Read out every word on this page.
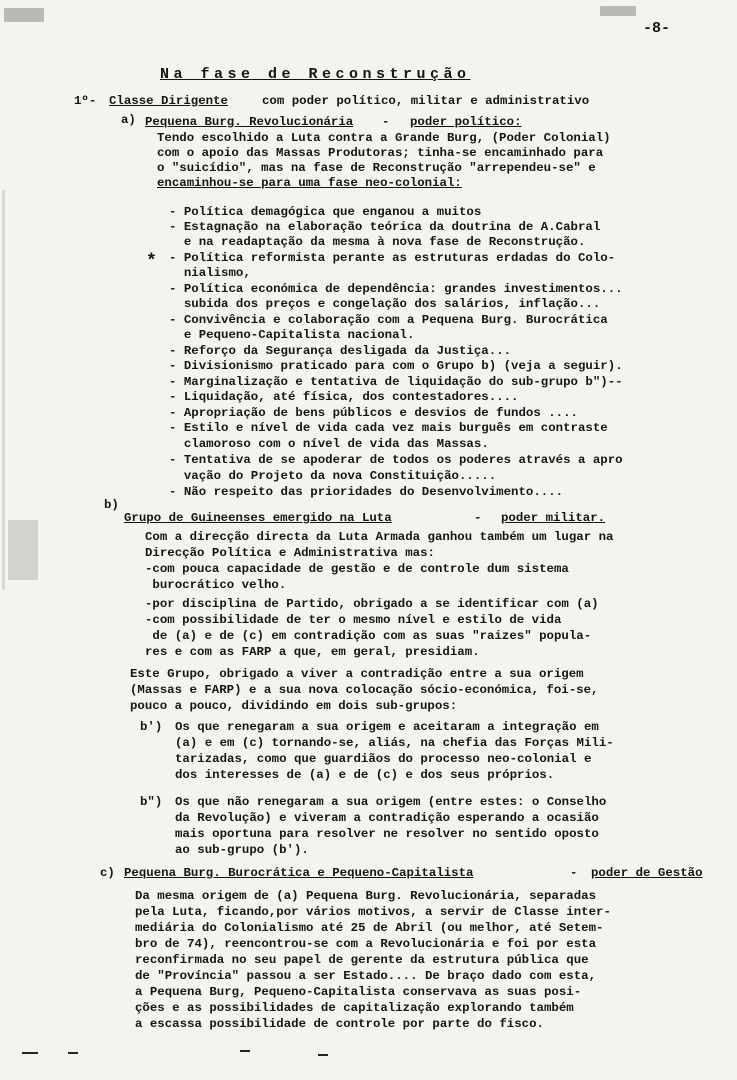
-8-
Na fase de Reconstrução
1º- Classe Dirigente	com poder político, militar e administrativo
a) Pequena Burg. Revolucionária - poder político:
Tendo escolhido a Luta contra a Grande Burg, (Poder Colonial)
com o apoio das Massas Produtoras; tinha-se encaminhado para
o "suicídio", mas na fase de Reconstrução "arrependeu-se" e
encaminhou-se para uma fase neo-colonial:
*
- Política demagógica que enganou a muitos
- Estagnação na elaboração teórica da doutrina de A.Cabral
e na readaptação da mesma à nova fase de Reconstrução.
- Política reformista perante as estruturas erdadas do Colo-
nialismo,
- Política económica de dependência: grandes investimentos...
subida dos preços e congelação dos salários, inflação...
- Convivência e colaboração com a Pequena Burg. Burocrática
e Pequeno-Capitalista nacional.
- Reforço da Segurança desligada da Justiça...
- Divisionismo praticado para com o Grupo b) (veja a seguir).
- Marginalização e tentativa de liquidação do sub-grupo b")--
- Liquidação, até física, dos contestadores....
- Apropriação de bens públicos e desvios de fundos ....
- Estilo e nível de vida cada vez mais burguês em contraste
clamoroso com o nível de vida das Massas.
- Tentativa de se apoderar de todos os poderes através a apro
vação do Projeto da nova Constituição.....
- Não respeito das prioridades do Desenvolvimento....
b)
Grupo de Guineenses emergido na Luta	- poder militar.
Com a direcção directa da Luta Armada ganhou também um lugar na
Direcção Política e Administrativa mas:
-com pouca capacidade de gestão e de controle dum sistema
burocrático velho.
-por disciplina de Partido, obrigado a se identificar com (a)
-com possibilidade de ter o mesmo nível e estilo de vida
de (a) e de (c) em contradição com as suas "raizes" popula-
res e com as FARP a que, em geral, presidiam.
Este Grupo, obrigado a viver a contradição entre a sua origem
(Massas e FARP) e a sua nova colocação sócio-económica, foi-se,
pouco a pouco, dividindo em dois sub-grupos:
b') Os que renegaram a sua origem e aceitaram a integração em
(a) e em (c) tornando-se, aliás, na chefia das Forças Mili-
tarizadas, como que guardiãos do processo neo-colonial e
dos interesses de (a) e de (c) e dos seus próprios.
b") Os que não renegaram a sua origem (entre estes: o Conselho
da Revolução) e viveram a contradição esperando a ocasião
mais oportuna para resolver ne resolver no sentido oposto
ao sub-grupo (b').
c) Pequena Burg. Burocrática e Pequeno-Capitalista	- poder de Gestão
Da mesma origem de (a) Pequena Burg. Revolucionária, separadas
pela Luta, ficando,por vários motivos, a servir de Classe inter-
mediária do Colonialismo até 25 de Abril (ou melhor, até Setem-
bro de 74), reencontrou-se com a Revolucionária e foi por esta
reconfirmada no seu papel de gerente da estrutura pública que
de "Província" passou a ser Estado.... De braço dado com esta,
a Pequena Burg, Pequeno-Capitalista conservava as suas posi-
ções e as possibilidades de capitalização explorando também
a escassa possibilidade de controle por parte do fisco.
